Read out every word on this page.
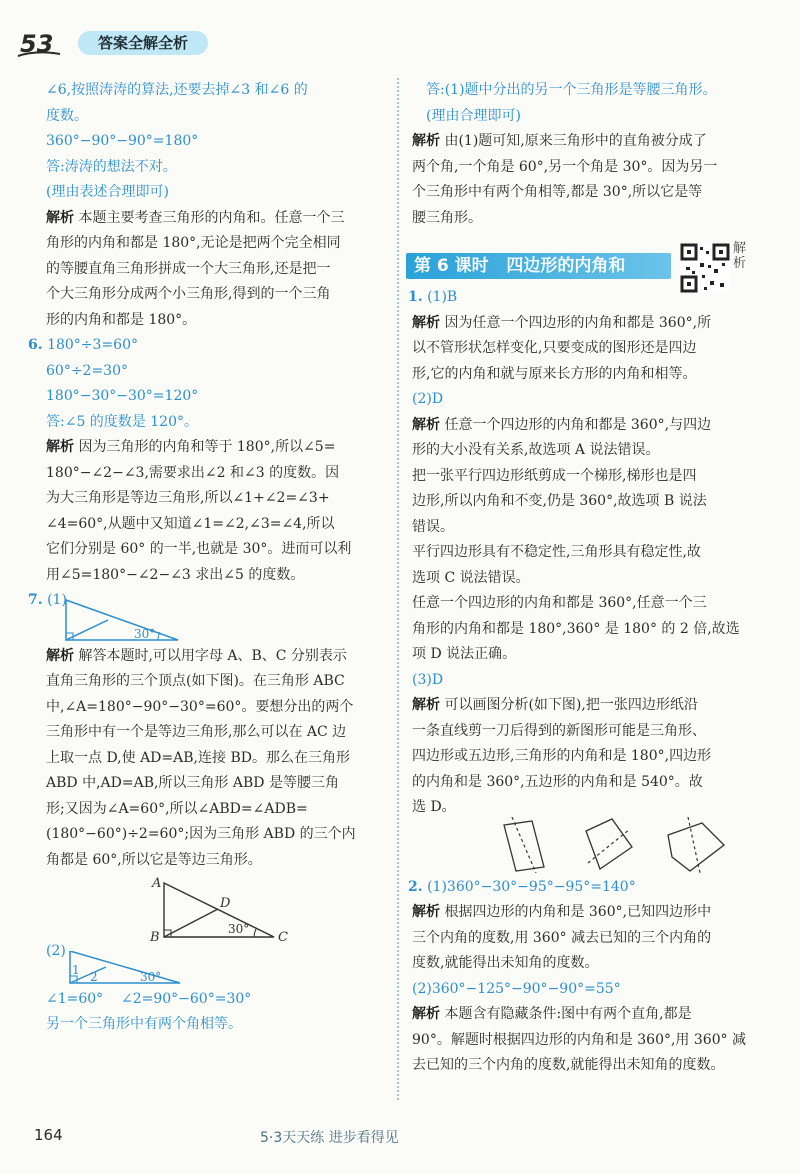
53	答案全解全析

∠6,按照涛涛的算法,还要去掉∠3 和∠6 的

度数。

360°−90°−90°=180°

答:涛涛的想法不对。

(理由表述合理即可)

解析 本题主要考查三角形的内角和。任意一个三

角形的内角和都是 180°,无论是把两个完全相同

的等腰直角三角形拼成一个大三角形,还是把一

个大三角形分成两个小三角形,得到的一个三角

形的内角和都是 180°。

6. 180°÷3=60°

60°÷2=30°

180°−30°−30°=120°

答:∠5 的度数是 120°。

解析 因为三角形的内角和等于 180°,所以∠5=

180°−∠2−∠3,需要求出∠2 和∠3 的度数。因

为大三角形是等边三角形,所以∠1+∠2=∠3+

∠4=60°,从题中又知道∠1=∠2,∠3=∠4,所以

它们分别是 60° 的一半,也就是 30°。进而可以利

用∠5=180°−∠2−∠3 求出∠5 的度数。

7. (1)

30°

解析 解答本题时,可以用字母 A、B、C 分别表示

直角三角形的三个顶点(如下图)。在三角形 ABC

中,∠A=180°−90°−30°=60°。要想分出的两个

三角形中有一个是等边三角形,那么可以在 AC 边

上取一点 D,使 AD=AB,连接 BD。那么在三角形

ABD 中,AD=AB,所以三角形 ABD 是等腰三角

形;又因为∠A=60°,所以∠ABD=∠ADB=

(180°−60°)÷2=60°;因为三角形 ABD 的三个内

角都是 60°,所以它是等边三角形。

A
B	C
D
30°

(2)

1 2	30°

∠1=60°    ∠2=90°−60°=30°

另一个三角形中有两个角相等。

答:(1)题中分出的另一个三角形是等腰三角形。

(理由合理即可)

解析 由(1)题可知,原来三角形中的直角被分成了

两个角,一个角是 60°,另一个角是 30°。因为另一

个三角形中有两个角相等,都是 30°,所以它是等

腰三角形。

第 6 课时   四边形的内角和
解析

1. (1)B

解析 因为任意一个四边形的内角和都是 360°,所

以不管形状怎样变化,只要变成的图形还是四边

形,它的内角和就与原来长方形的内角和相等。

(2)D

解析 任意一个四边形的内角和都是 360°,与四边

形的大小没有关系,故选项 A 说法错误。

把一张平行四边形纸剪成一个梯形,梯形也是四

边形,所以内角和不变,仍是 360°,故选项 B 说法

错误。

平行四边形具有不稳定性,三角形具有稳定性,故

选项 C 说法错误。

任意一个四边形的内角和都是 360°,任意一个三

角形的内角和都是 180°,360° 是 180° 的 2 倍,故选

项 D 说法正确。

(3)D

解析 可以画图分析(如下图),把一张四边形纸沿

一条直线剪一刀后得到的新图形可能是三角形、

四边形或五边形,三角形的内角和是 180°,四边形

的内角和是 360°,五边形的内角和是 540°。故

选 D。

2. (1)360°−30°−95°−95°=140°

解析 根据四边形的内角和是 360°,已知四边形中

三个内角的度数,用 360° 减去已知的三个内角的

度数,就能得出未知角的度数。

(2)360°−125°−90°−90°=55°

解析 本题含有隐藏条件:图中有两个直角,都是

90°。解题时根据四边形的内角和是 360°,用 360° 减

去已知的三个内角的度数,就能得出未知角的度数。

164	5·3天天练 进步看得见
